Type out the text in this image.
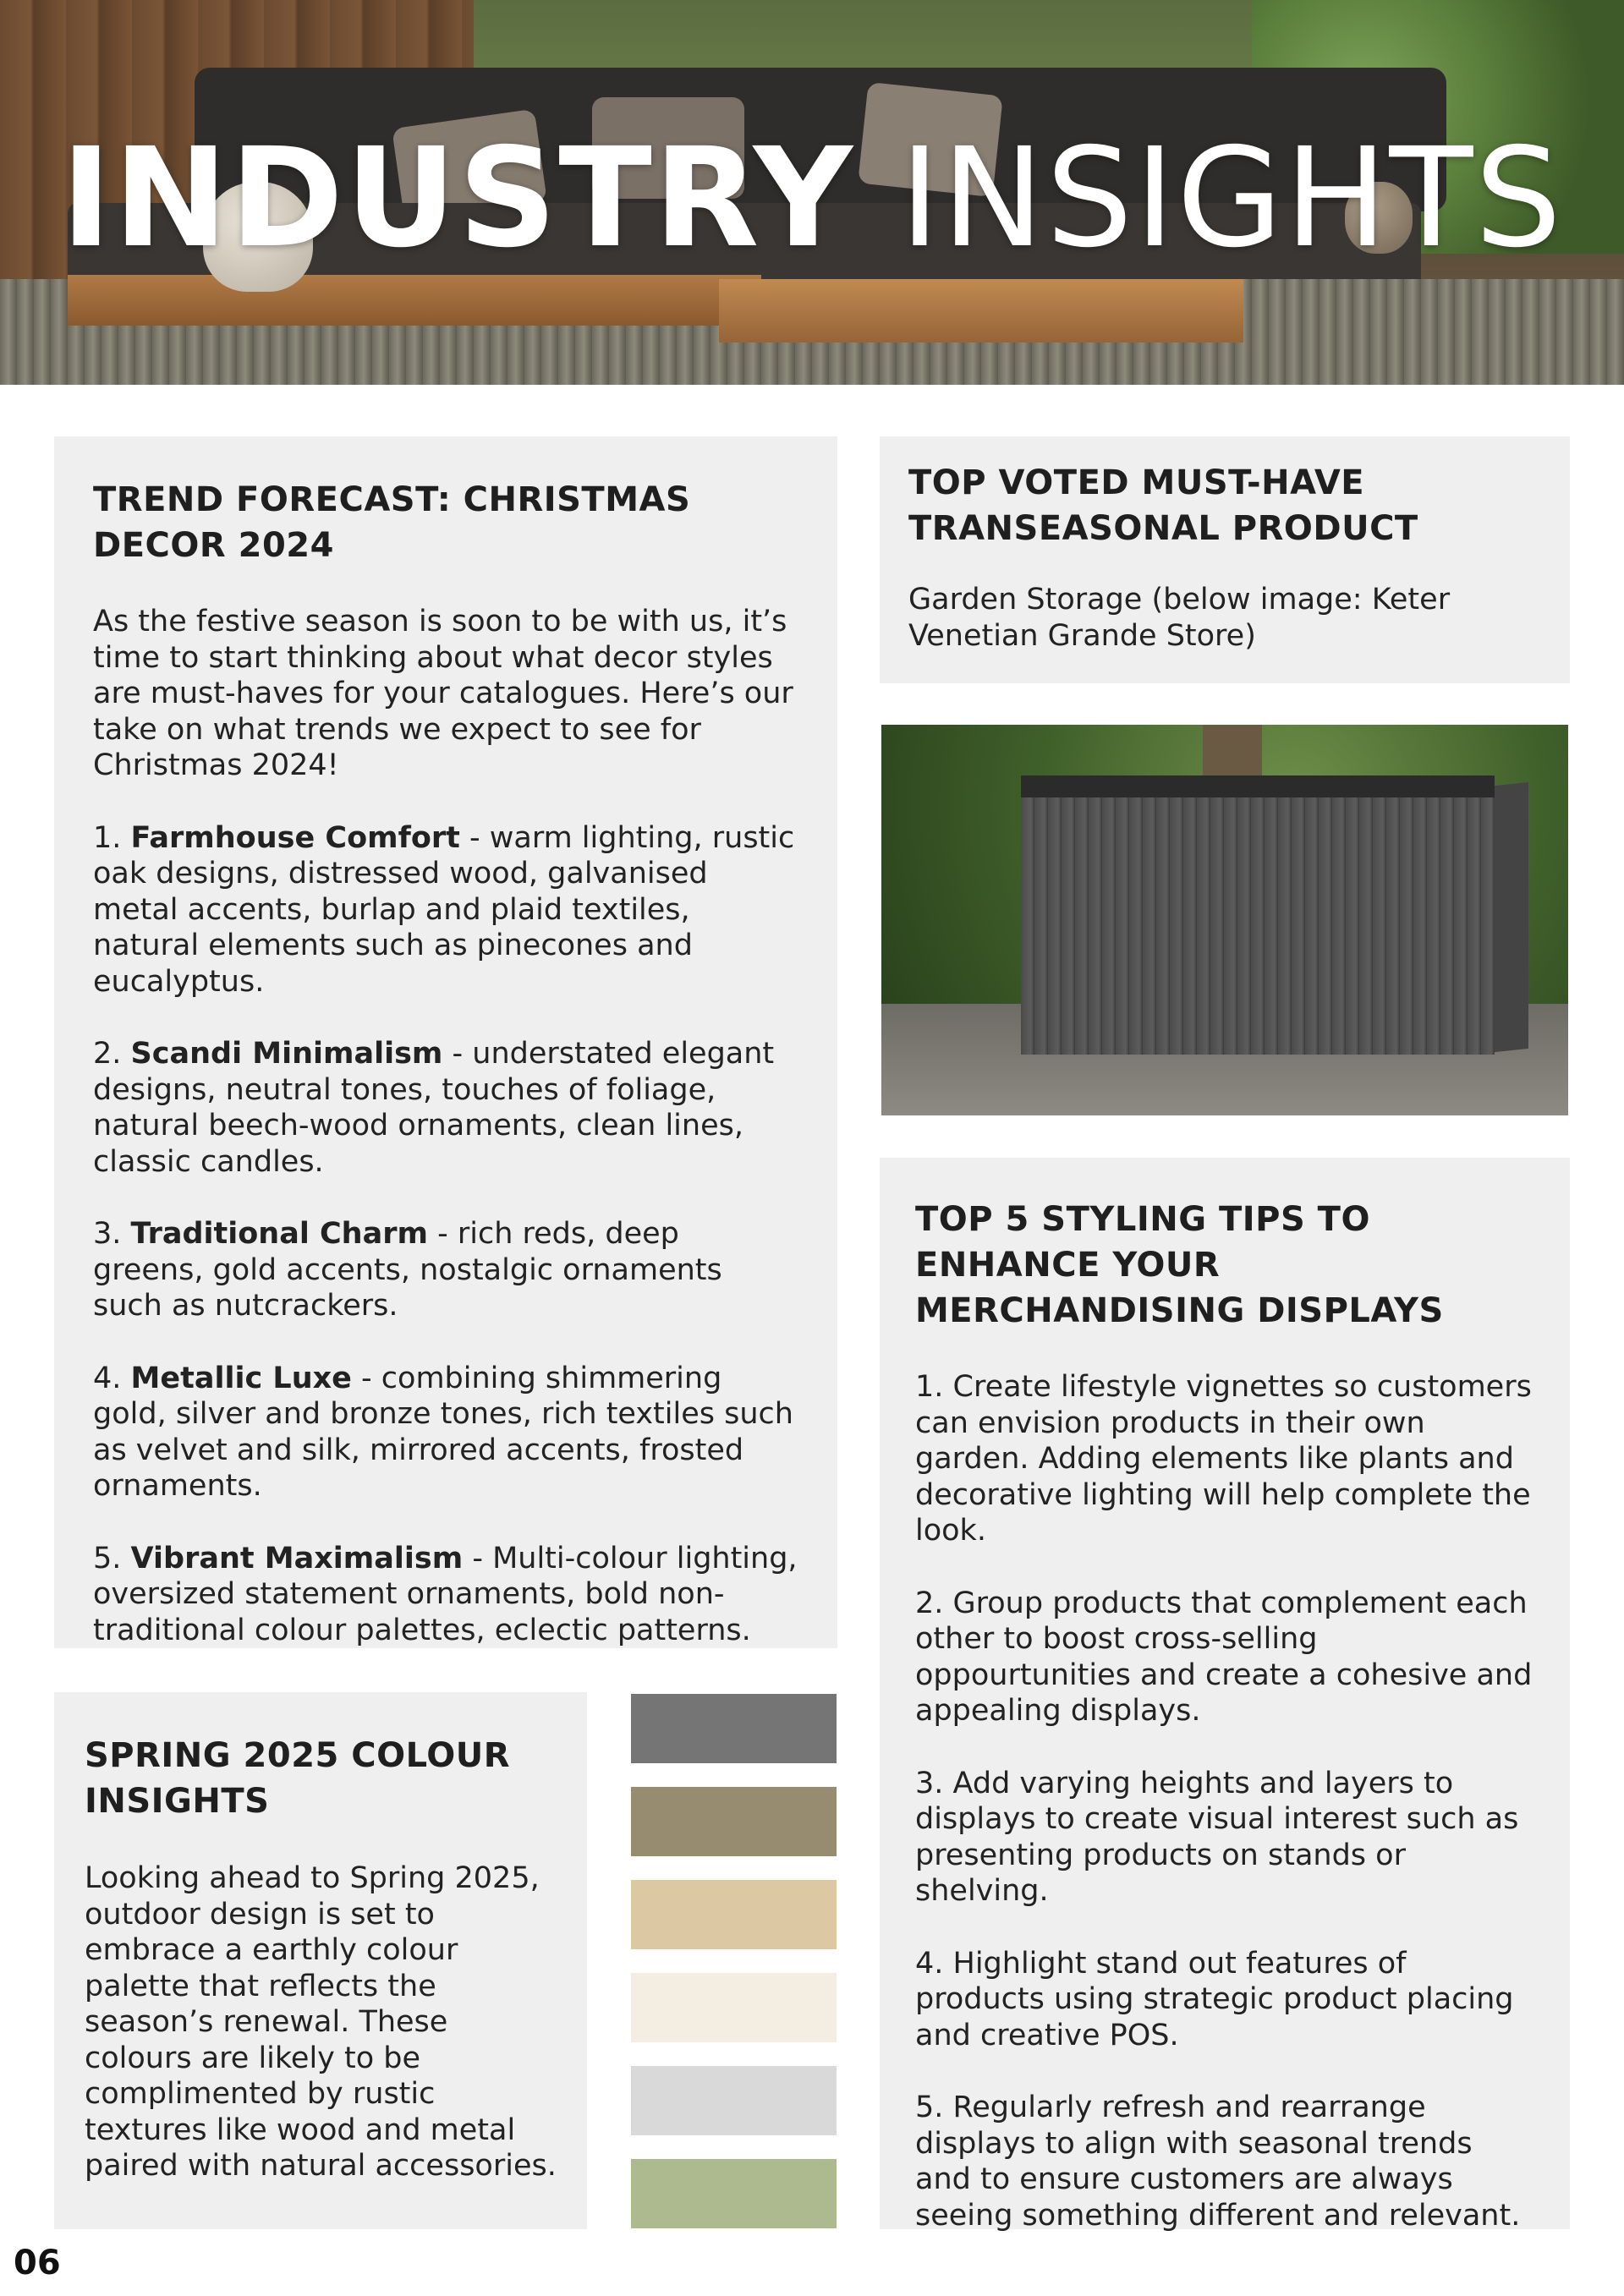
INDUSTRY INSIGHTS
TREND FORECAST: CHRISTMAS DECOR 2024

As the festive season is soon to be with us, it’s time to start thinking about what decor styles are must-haves for your catalogues. Here’s our take on what trends we expect to see for Christmas 2024!

1. Farmhouse Comfort - warm lighting, rustic oak designs, distressed wood, galvanised metal accents, burlap and plaid textiles, natural elements such as pinecones and eucalyptus.
2. Scandi Minimalism - understated elegant designs, neutral tones, touches of foliage, natural beech-wood ornaments, clean lines, classic candles.
3. Traditional Charm - rich reds, deep greens, gold accents, nostalgic ornaments such as nutcrackers.
4. Metallic Luxe - combining shimmering gold, silver and bronze tones, rich textiles such as velvet and silk, mirrored accents, frosted ornaments.
5. Vibrant Maximalism - Multi-colour lighting, oversized statement ornaments, bold non-traditional colour palettes, eclectic patterns.
TOP VOTED MUST-HAVE TRANSEASONAL PRODUCT

Garden Storage (below image: Keter Venetian Grande Store)

TOP 5 STYLING TIPS TO ENHANCE YOUR MERCHANDISING DISPLAYS

1. Create lifestyle vignettes so customers can envision products in their own garden. Adding elements like plants and decorative lighting will help complete the look.

2. Group products that complement each other to boost cross-selling oppourtunities and create a cohesive and appealing displays.

3. Add varying heights and layers to displays to create visual interest such as presenting products on stands or shelving.

4. Highlight stand out features of products using strategic product placing and creative POS.

5. Regularly refresh and rearrange displays to align with seasonal trends and to ensure customers are always seeing something different and relevant.

SPRING 2025 COLOUR INSIGHTS

Looking ahead to Spring 2025, outdoor design is set to embrace a earthly colour palette that reflects the season’s renewal. These colours are likely to be complimented by rustic textures like wood and metal paired with natural accessories.

06
